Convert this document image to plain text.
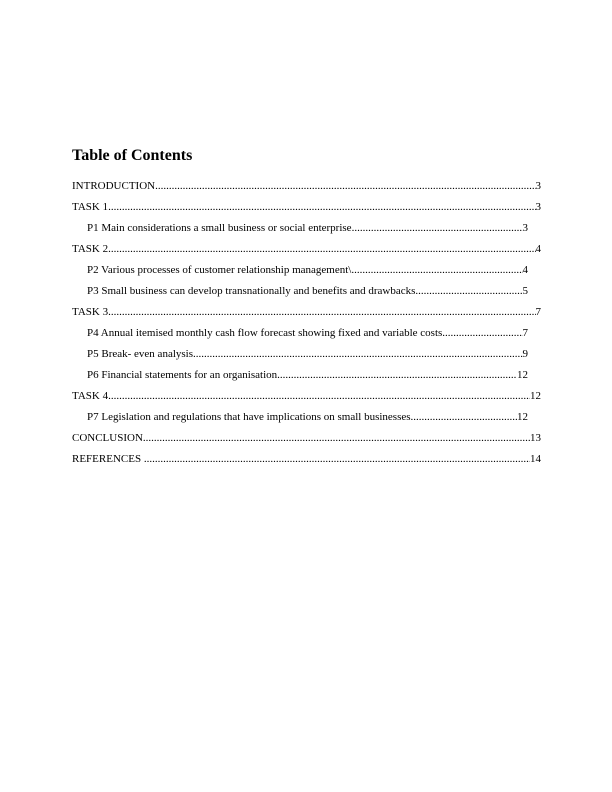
Table of Contents
INTRODUCTION .....	3
TASK 1 .....	3
P1 Main considerations a small business or social enterprise .....	3
TASK 2 .....	4
P2 Various processes of customer relationship management\ .....	4
P3 Small business can develop transnationally and benefits and drawbacks .....	5
TASK 3 .....	7
P4 Annual itemised monthly cash flow forecast showing fixed and variable costs .....	7
P5 Break- even analysis .....	9
P6 Financial statements for an organisation .....	12
TASK 4 .....	12
P7 Legislation and regulations that have implications on small businesses .....	12
CONCLUSION .....	13
REFERENCES .....	14
